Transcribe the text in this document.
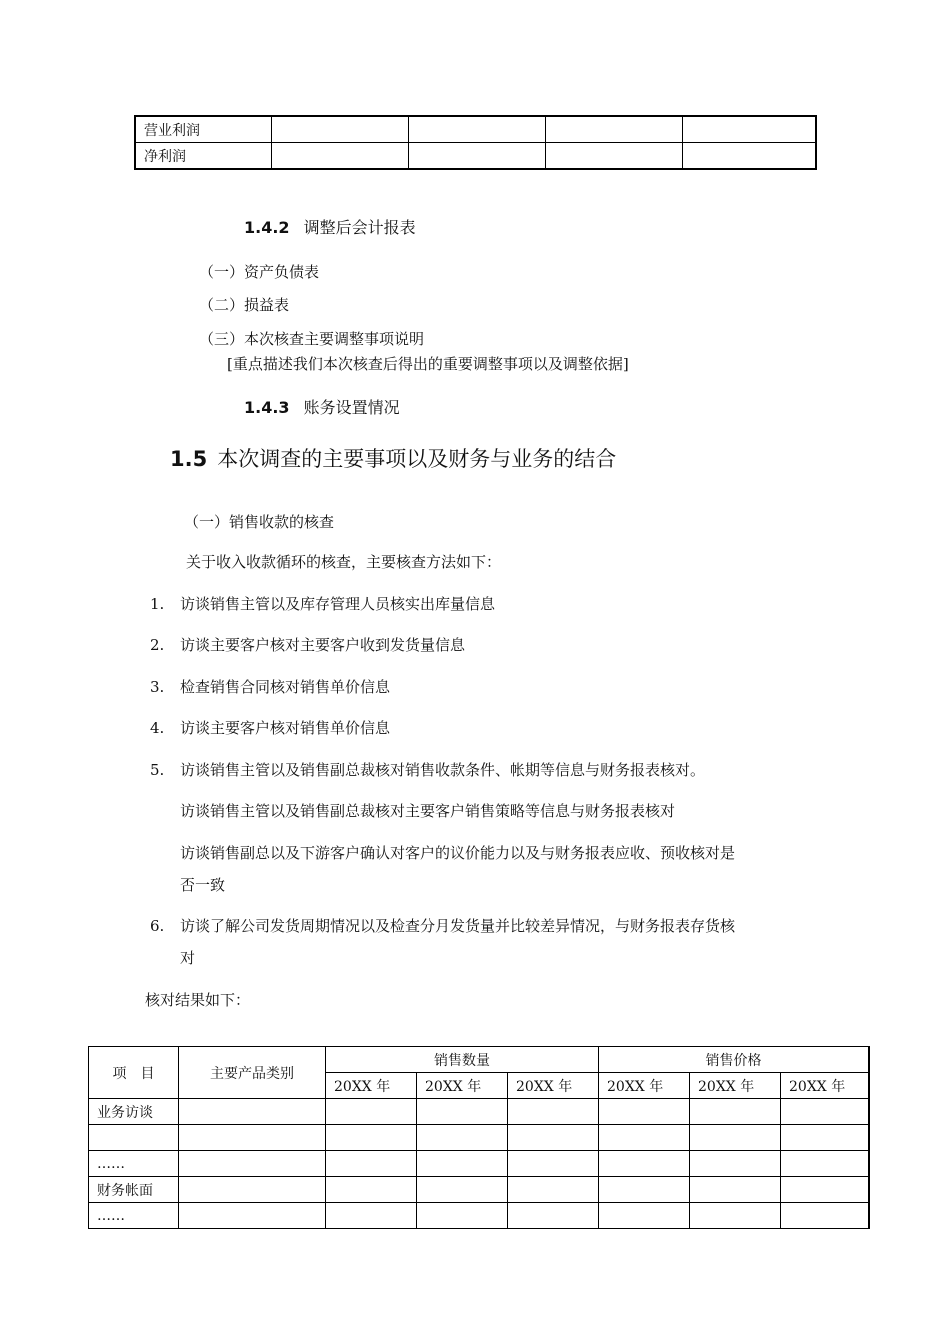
营业利润				
净利润				
1.4.2 调整后会计报表
（一）资产负债表
（二）损益表
（三）本次核查主要调整事项说明
[重点描述我们本次核查后得出的重要调整事项以及调整依据]
1.4.3 账务设置情况
1.5 本次调查的主要事项以及财务与业务的结合
（一）销售收款的核查
关于收入收款循环的核查，主要核查方法如下：
1. 访谈销售主管以及库存管理人员核实出库量信息
2. 访谈主要客户核对主要客户收到发货量信息
3. 检查销售合同核对销售单价信息
4. 访谈主要客户核对销售单价信息
5. 访谈销售主管以及销售副总裁核对销售收款条件、帐期等信息与财务报表核对。
访谈销售主管以及销售副总裁核对主要客户销售策略等信息与财务报表核对
访谈销售副总以及下游客户确认对客户的议价能力以及与财务报表应收、预收核对是
否一致
6. 访谈了解公司发货周期情况以及检查分月发货量并比较差异情况，与财务报表存货核
对
核对结果如下：
项　目	主要产品类别	销售数量			销售价格		
		20XX 年	20XX 年	20XX 年	20XX 年	20XX 年	20XX 年
业务访谈							

……							
财务帐面							
……							
